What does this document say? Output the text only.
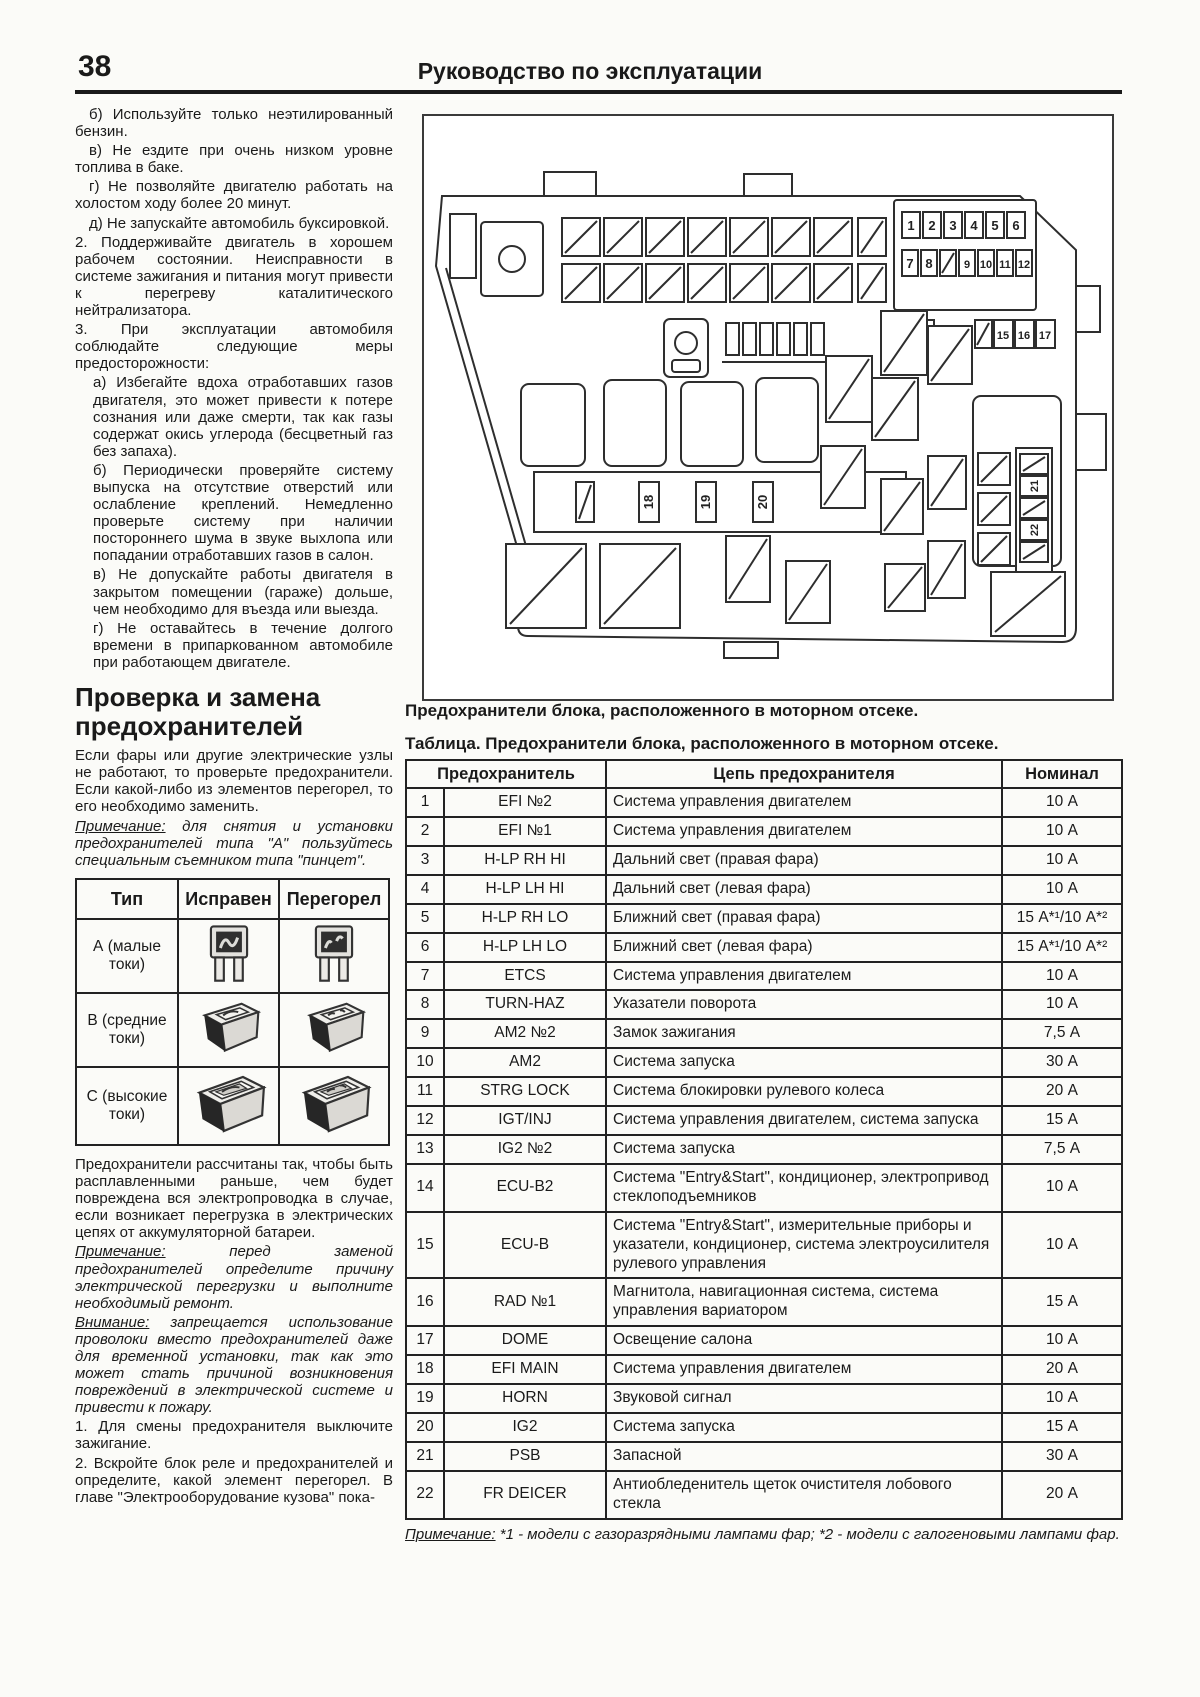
38	Руководство по эксплуатации

б) Используйте только неэтилированный бензин.

в) Не ездите при очень низком уровне топлива в баке.

г) Не позволяйте двигателю работать на холостом ходу более 20 минут.

д) Не запускайте автомобиль буксировкой.

2. Поддерживайте двигатель в хорошем рабочем состоянии. Неисправности в системе зажигания и питания могут привести к перегреву каталитического нейтрализатора.

3. При эксплуатации автомобиля соблюдайте следующие меры предосторожности:

а) Избегайте вдоха отработавших газов двигателя, это может привести к потере сознания или даже смерти, так как газы содержат окись углерода (бесцветный газ без запаха).

б) Периодически проверяйте систему выпуска на отсутствие отверстий или ослабление креплений. Немедленно проверьте систему при наличии постороннего шума в звуке выхлопа или попадании отработавших газов в салон.

в) Не допускайте работы двигателя в закрытом помещении (гараже) дольше, чем необходимо для въезда или выезда.

г) Не оставайтесь в течение долгого времени в припаркованном автомобиле при работающем двигателе.

Проверка и замена предохранителей

Если фары или другие электрические узлы не работают, то проверьте предохранители. Если какой-либо из элементов перегорел, то его необходимо заменить.

Примечание: для снятия и установки предохранителей типа "А" пользуйтесь специальным съемником типа "пинцет".

Тип	Исправен	Перегорел
А (малые токи)		
В (средние токи)		
С (высокие токи)		

Предохранители рассчитаны так, чтобы быть расплавленными раньше, чем будет повреждена вся электропроводка в случае, если возникает перегрузка в электрических цепях от аккумуляторной батареи.

Примечание: перед заменой предохранителей определите причину электрической перегрузки и выполните необходимый ремонт.

Внимание: запрещается использование проволоки вместо предохранителей даже для временной установки, так как это может стать причиной возникновения повреждений в электрической системе и привести к пожару.

1. Для смены предохранителя выключите зажигание.

2. Вскройте блок реле и предохранителей и определите, какой элемент перегорел. В главе "Электрооборудование кузова" пока-

1 2 3 4 5 6
7 8	9 10 11 12
15 16 17
18	19	20
21
22

Предохранители блока, расположенного в моторном отсеке.

Таблица. Предохранители блока, расположенного в моторном отсеке.

Предохранитель		Цепь предохранителя	Номинал
1	EFI №2	Система управления двигателем	10 А
2	EFI №1	Система управления двигателем	10 А
3	H-LP RH HI	Дальний свет (правая фара)	10 А
4	H-LP LH HI	Дальний свет (левая фара)	10 А
5	H-LP RH LO	Ближний свет (правая фара)	15 А*¹/10 А*²
6	H-LP LH LO	Ближний свет (левая фара)	15 А*¹/10 А*²
7	ETCS	Система управления двигателем	10 А
8	TURN-HAZ	Указатели поворота	10 А
9	AM2 №2	Замок зажигания	7,5 А
10	AM2	Система запуска	30 А
11	STRG LOCK	Система блокировки рулевого колеса	20 А
12	IGT/INJ	Система управления двигателем, система запуска	15 А
13	IG2 №2	Система запуска	7,5 А
14	ECU-B2	Система "Entry&Start", кондиционер, электропривод стеклоподъемников	10 А
15	ECU-B	Система "Entry&Start", измерительные приборы и указатели, кондиционер, система электроусилителя рулевого управления	10 А
16	RAD №1	Магнитола, навигационная система, система управления вариатором	15 А
17	DOME	Освещение салона	10 А
18	EFI MAIN	Система управления двигателем	20 А
19	HORN	Звуковой сигнал	10 А
20	IG2	Система запуска	15 А
21	PSB	Запасной	30 А
22	FR DEICER	Антиобледенитель щеток очистителя лобового стекла	20 А

Примечание: *1 - модели с газоразрядными лампами фар; *2 - модели с галогеновыми лампами фар.
